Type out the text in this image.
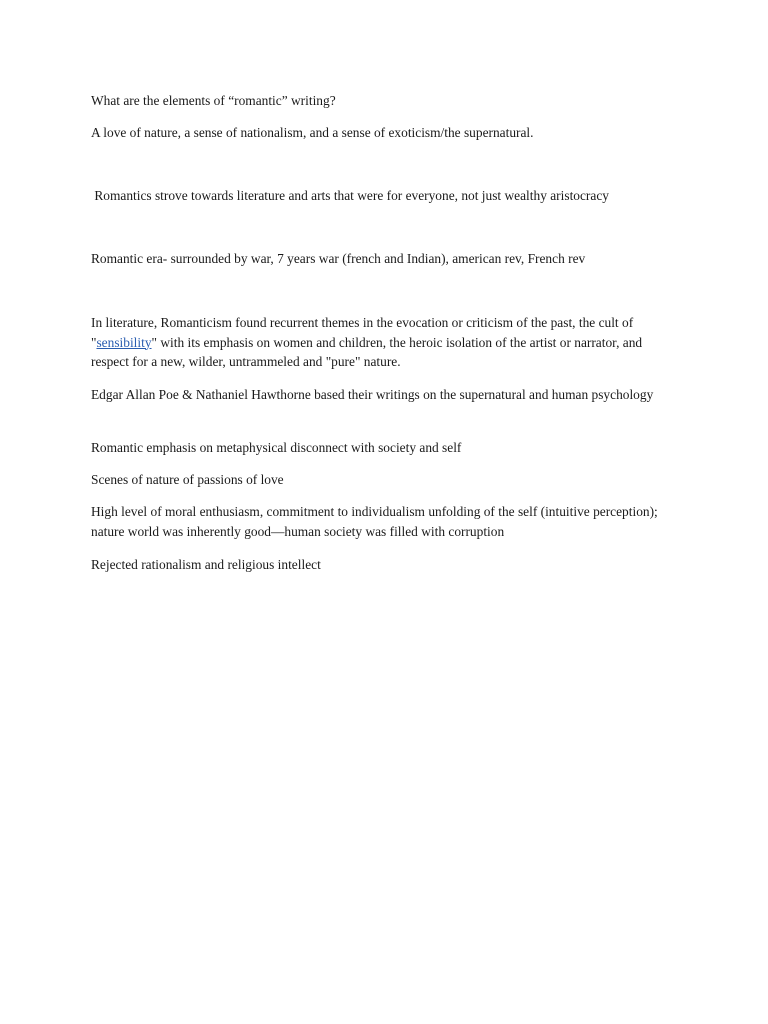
What are the elements of “romantic” writing?

A love of nature, a sense of nationalism, and a sense of exoticism/the supernatural.

Romantics strove towards literature and arts that were for everyone, not just wealthy aristocracy

Romantic era- surrounded by war, 7 years war (french and Indian), american rev, French rev

In literature, Romanticism found recurrent themes in the evocation or criticism of the past, the cult of "sensibility" with its emphasis on women and children, the heroic isolation of the artist or narrator, and respect for a new, wilder, untrammeled and "pure" nature.

Edgar Allan Poe & Nathaniel Hawthorne based their writings on the supernatural and human psychology

Romantic emphasis on metaphysical disconnect with society and self

Scenes of nature of passions of love

High level of moral enthusiasm, commitment to individualism unfolding of the self (intuitive perception); nature world was inherently good—human society was filled with corruption

Rejected rationalism and religious intellect
